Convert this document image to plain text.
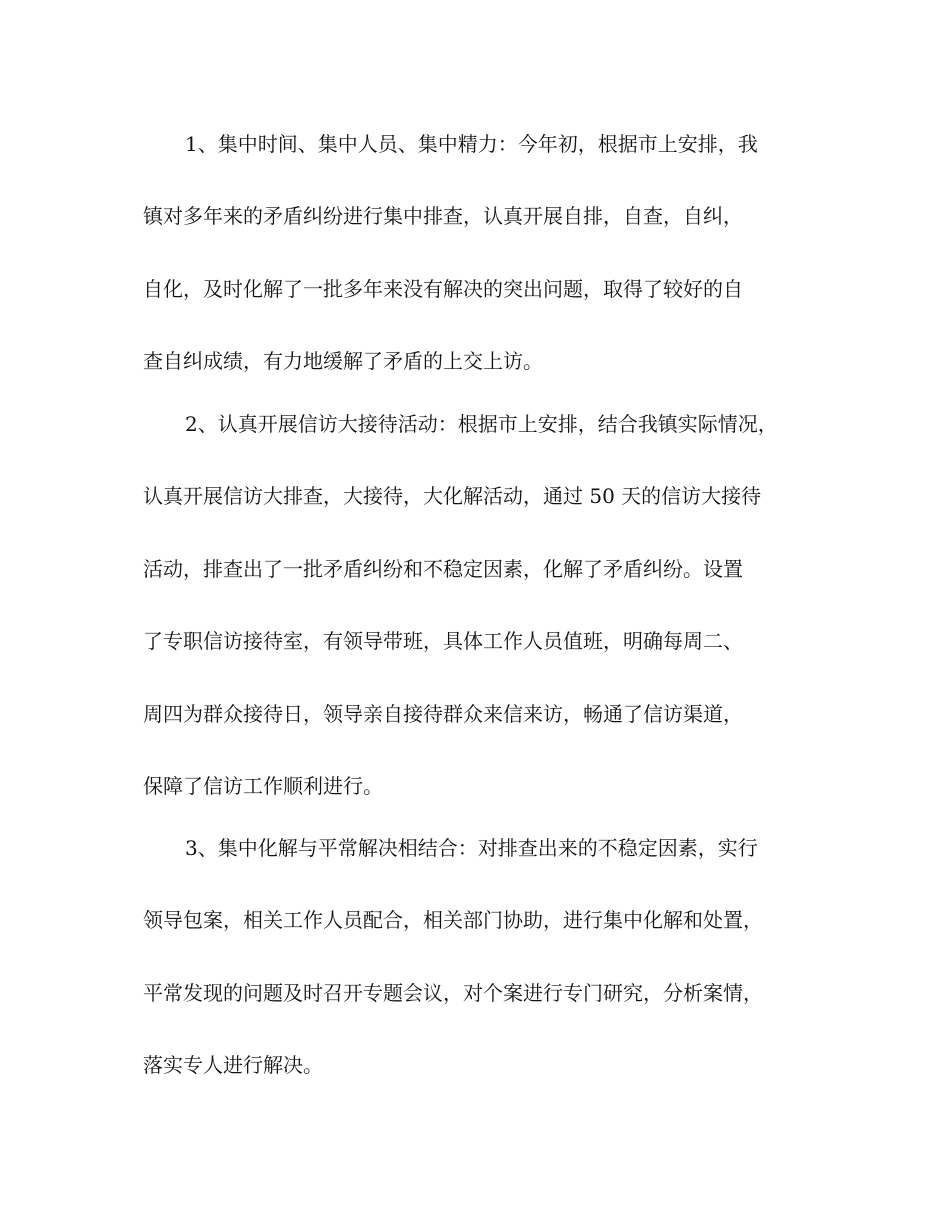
1、集中时间、集中人员、集中精力：今年初，根据市上安排，我

镇对多年来的矛盾纠纷进行集中排查，认真开展自排，自查，自纠，

自化，及时化解了一批多年来没有解决的突出问题，取得了较好的自

查自纠成绩，有力地缓解了矛盾的上交上访。

2、认真开展信访大接待活动：根据市上安排，结合我镇实际情况，

认真开展信访大排查，大接待，大化解活动，通过 50 天的信访大接待

活动，排查出了一批矛盾纠纷和不稳定因素，化解了矛盾纠纷。设置

了专职信访接待室，有领导带班，具体工作人员值班，明确每周二、

周四为群众接待日，领导亲自接待群众来信来访，畅通了信访渠道，

保障了信访工作顺利进行。

3、集中化解与平常解决相结合：对排查出来的不稳定因素，实行

领导包案，相关工作人员配合，相关部门协助，进行集中化解和处置，

平常发现的问题及时召开专题会议，对个案进行专门研究，分析案情，

落实专人进行解决。
